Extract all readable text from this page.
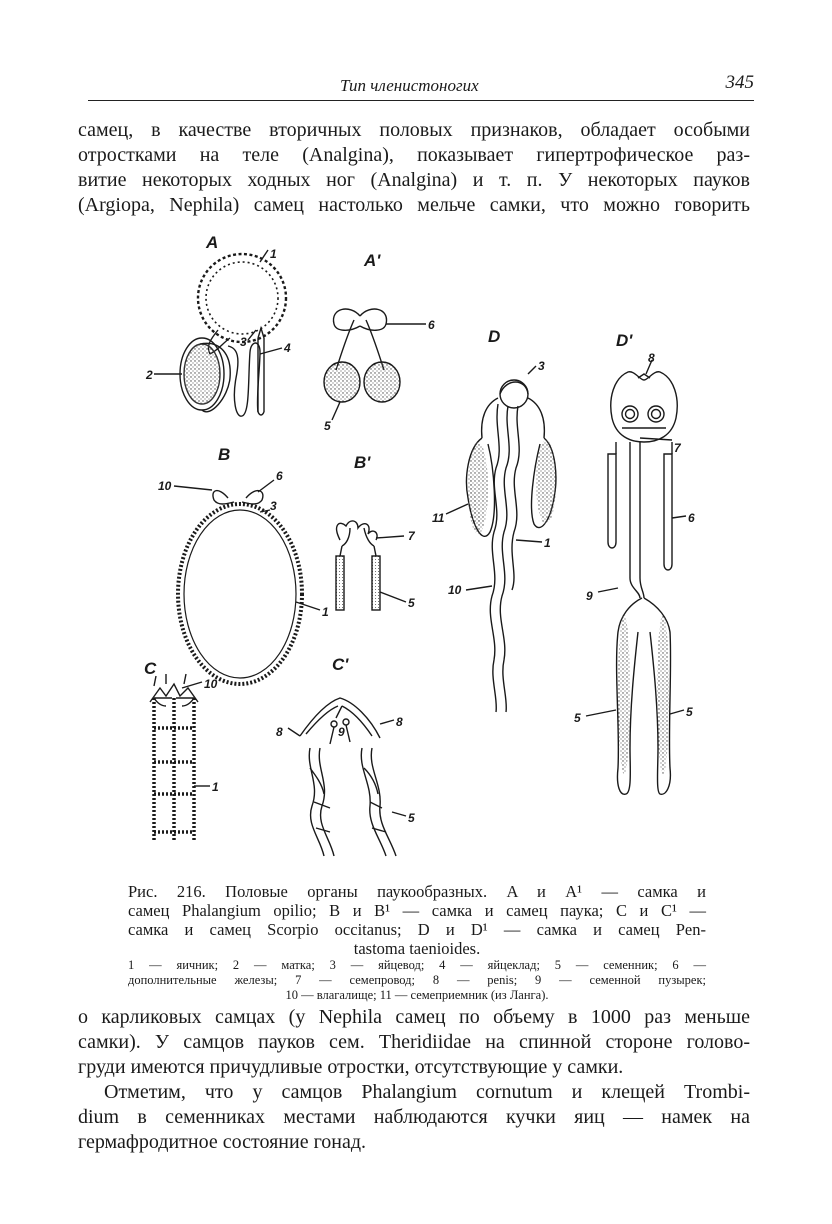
Тип членистоногих	345
самец, в качестве вторичных половых признаков, обладает особыми
отростками на теле (Analgina), показывает гипертрофическое раз-
витие некоторых ходных ног (Analgina) и т. п. У некоторых пауков
(Argiopa, Nephila) самец настолько мельче самки, что можно говорить
A
A'
B	B'
C	C'
D	D'
1
2
3	4
6
5
10
6
3
1
7
5
10
1
8	9
8
5
3
11
1
10
8
7
6
9
5	5
Рис. 216. Половые органы паукообразных. A и A¹ — самка и
самец Phalangium opilio; B и B¹ — самка и самец паука; C и C¹ —
самка и самец Scorpio occitanus; D и D¹ — самка и самец Pen-
tastoma taenioides.
1 — яичник; 2 — матка; 3 — яйцевод; 4 — яйцеклад; 5 — семенник; 6 —
дополнительные железы; 7 — семепровод; 8 — penis; 9 — семенной пузырек;
10 — влагалище; 11 — семеприемник (из Ланга).
о карликовых самцах (у Nephila самец по объему в 1000 раз меньше
самки). У самцов пауков сем. Theridiidae на спинной стороне голово-
груди имеются причудливые отростки, отсутствующие у самки.
Отметим, что у самцов Phalangium cornutum и клещей Trombi-
dium в семенниках местами наблюдаются кучки яиц — намек на
гермафродитное состояние гонад.
